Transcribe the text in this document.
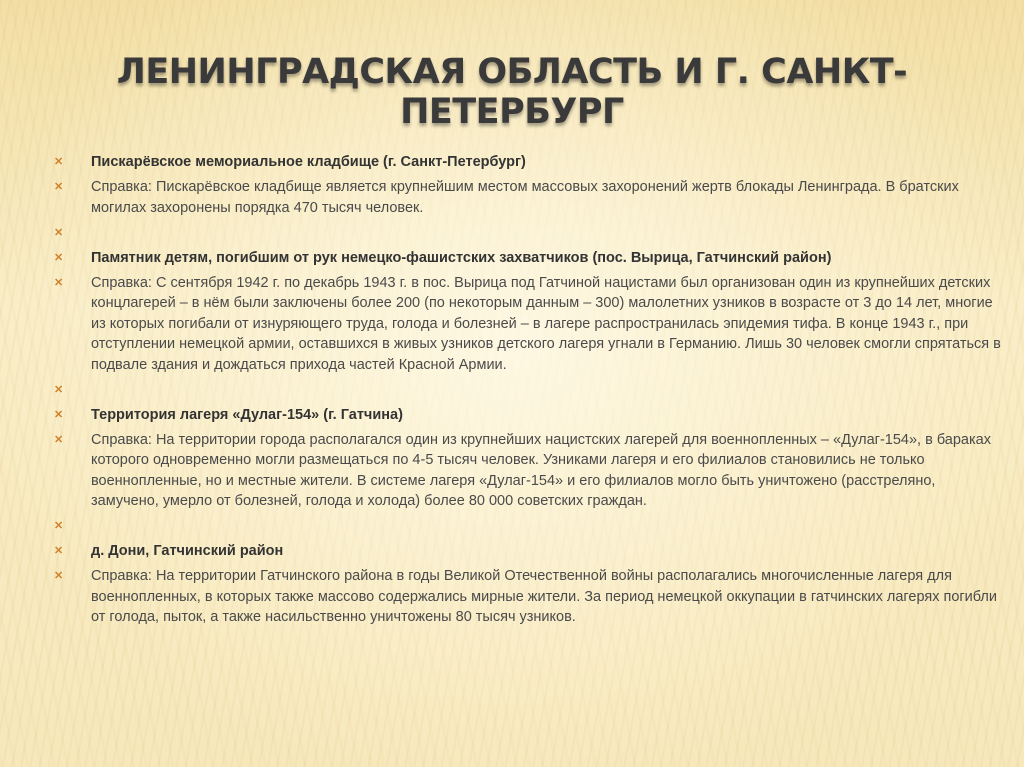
ЛЕНИНГРАДСКАЯ ОБЛАСТЬ И Г. САНКТ-ПЕТЕРБУРГ
✕ Пискарёвское мемориальное кладбище (г. Санкт-Петербург)
✕ Справка: Пискарёвское кладбище является крупнейшим местом массовых захоронений жертв блокады Ленинграда. В братских могилах захоронены порядка 470 тысяч человек.
✕
✕ Памятник детям, погибшим от рук немецко-фашистских захватчиков (пос. Вырица, Гатчинский район)
✕ Справка: С сентября 1942 г. по декабрь 1943 г. в пос. Вырица под Гатчиной нацистами был организован один из крупнейших детских концлагерей – в нём были заключены более 200 (по некоторым данным – 300) малолетних узников в возрасте от 3 до 14 лет, многие из которых погибали от изнуряющего труда, голода и болезней – в лагере распространилась эпидемия тифа. В конце 1943 г., при отступлении немецкой армии, оставшихся в живых узников детского лагеря угнали в Германию. Лишь 30 человек смогли спрятаться в подвале здания и дождаться прихода частей Красной Армии.
✕
✕ Территория лагеря «Дулаг-154» (г. Гатчина)
✕ Справка: На территории города располагался один из крупнейших нацистских лагерей для военнопленных – «Дулаг-154», в бараках которого одновременно могли размещаться по 4-5 тысяч человек. Узниками лагеря и его филиалов становились не только военнопленные, но и местные жители. В системе лагеря «Дулаг-154» и его филиалов могло быть уничтожено (расстреляно, замучено, умерло от болезней, голода и холода) более 80 000 советских граждан.
✕
✕ д. Дони, Гатчинский район
✕ Справка: На территории Гатчинского района в годы Великой Отечественной войны располагались многочисленные лагеря для военнопленных, в которых также массово содержались мирные жители. За период немецкой оккупации в гатчинских лагерях погибли от голода, пыток, а также насильственно уничтожены 80 тысяч узников.
